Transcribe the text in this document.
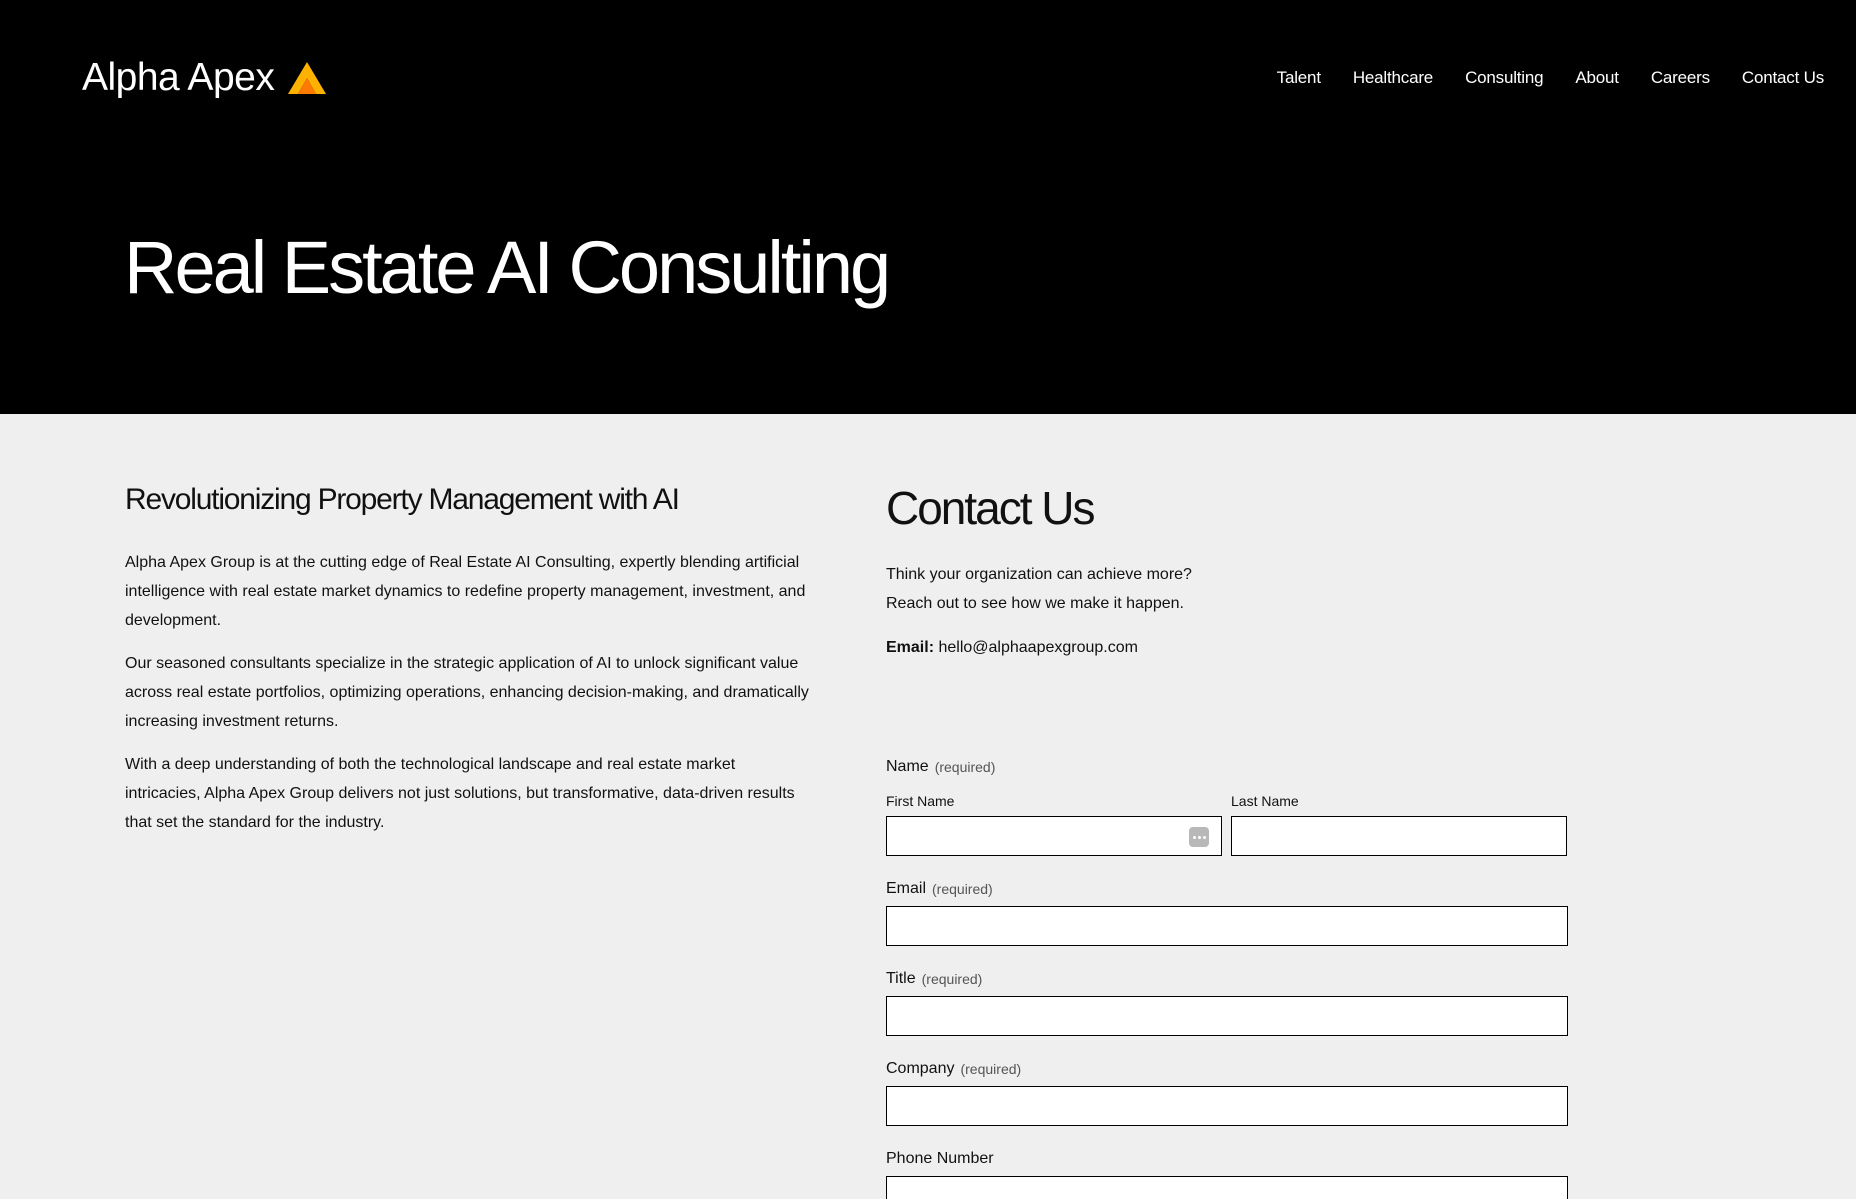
Alpha Apex	Talent Healthcare Consulting About Careers Contact Us
Real Estate AI Consulting
Revolutionizing Property Management with AI

Alpha Apex Group is at the cutting edge of Real Estate AI Consulting, expertly blending artificial intelligence with real estate market dynamics to redefine property management, investment, and development.

Our seasoned consultants specialize in the strategic application of AI to unlock significant value across real estate portfolios, optimizing operations, enhancing decision-making, and dramatically increasing investment returns.

With a deep understanding of both the technological landscape and real estate market intricacies, Alpha Apex Group delivers not just solutions, but transformative, data-driven results that set the standard for the industry.

Contact Us
Think your organization can achieve more?
Reach out to see how we make it happen.
Email: hello@alphaapexgroup.com
Name (required)
First Name	Last Name
Email (required)
Title (required)
Company (required)
Phone Number
